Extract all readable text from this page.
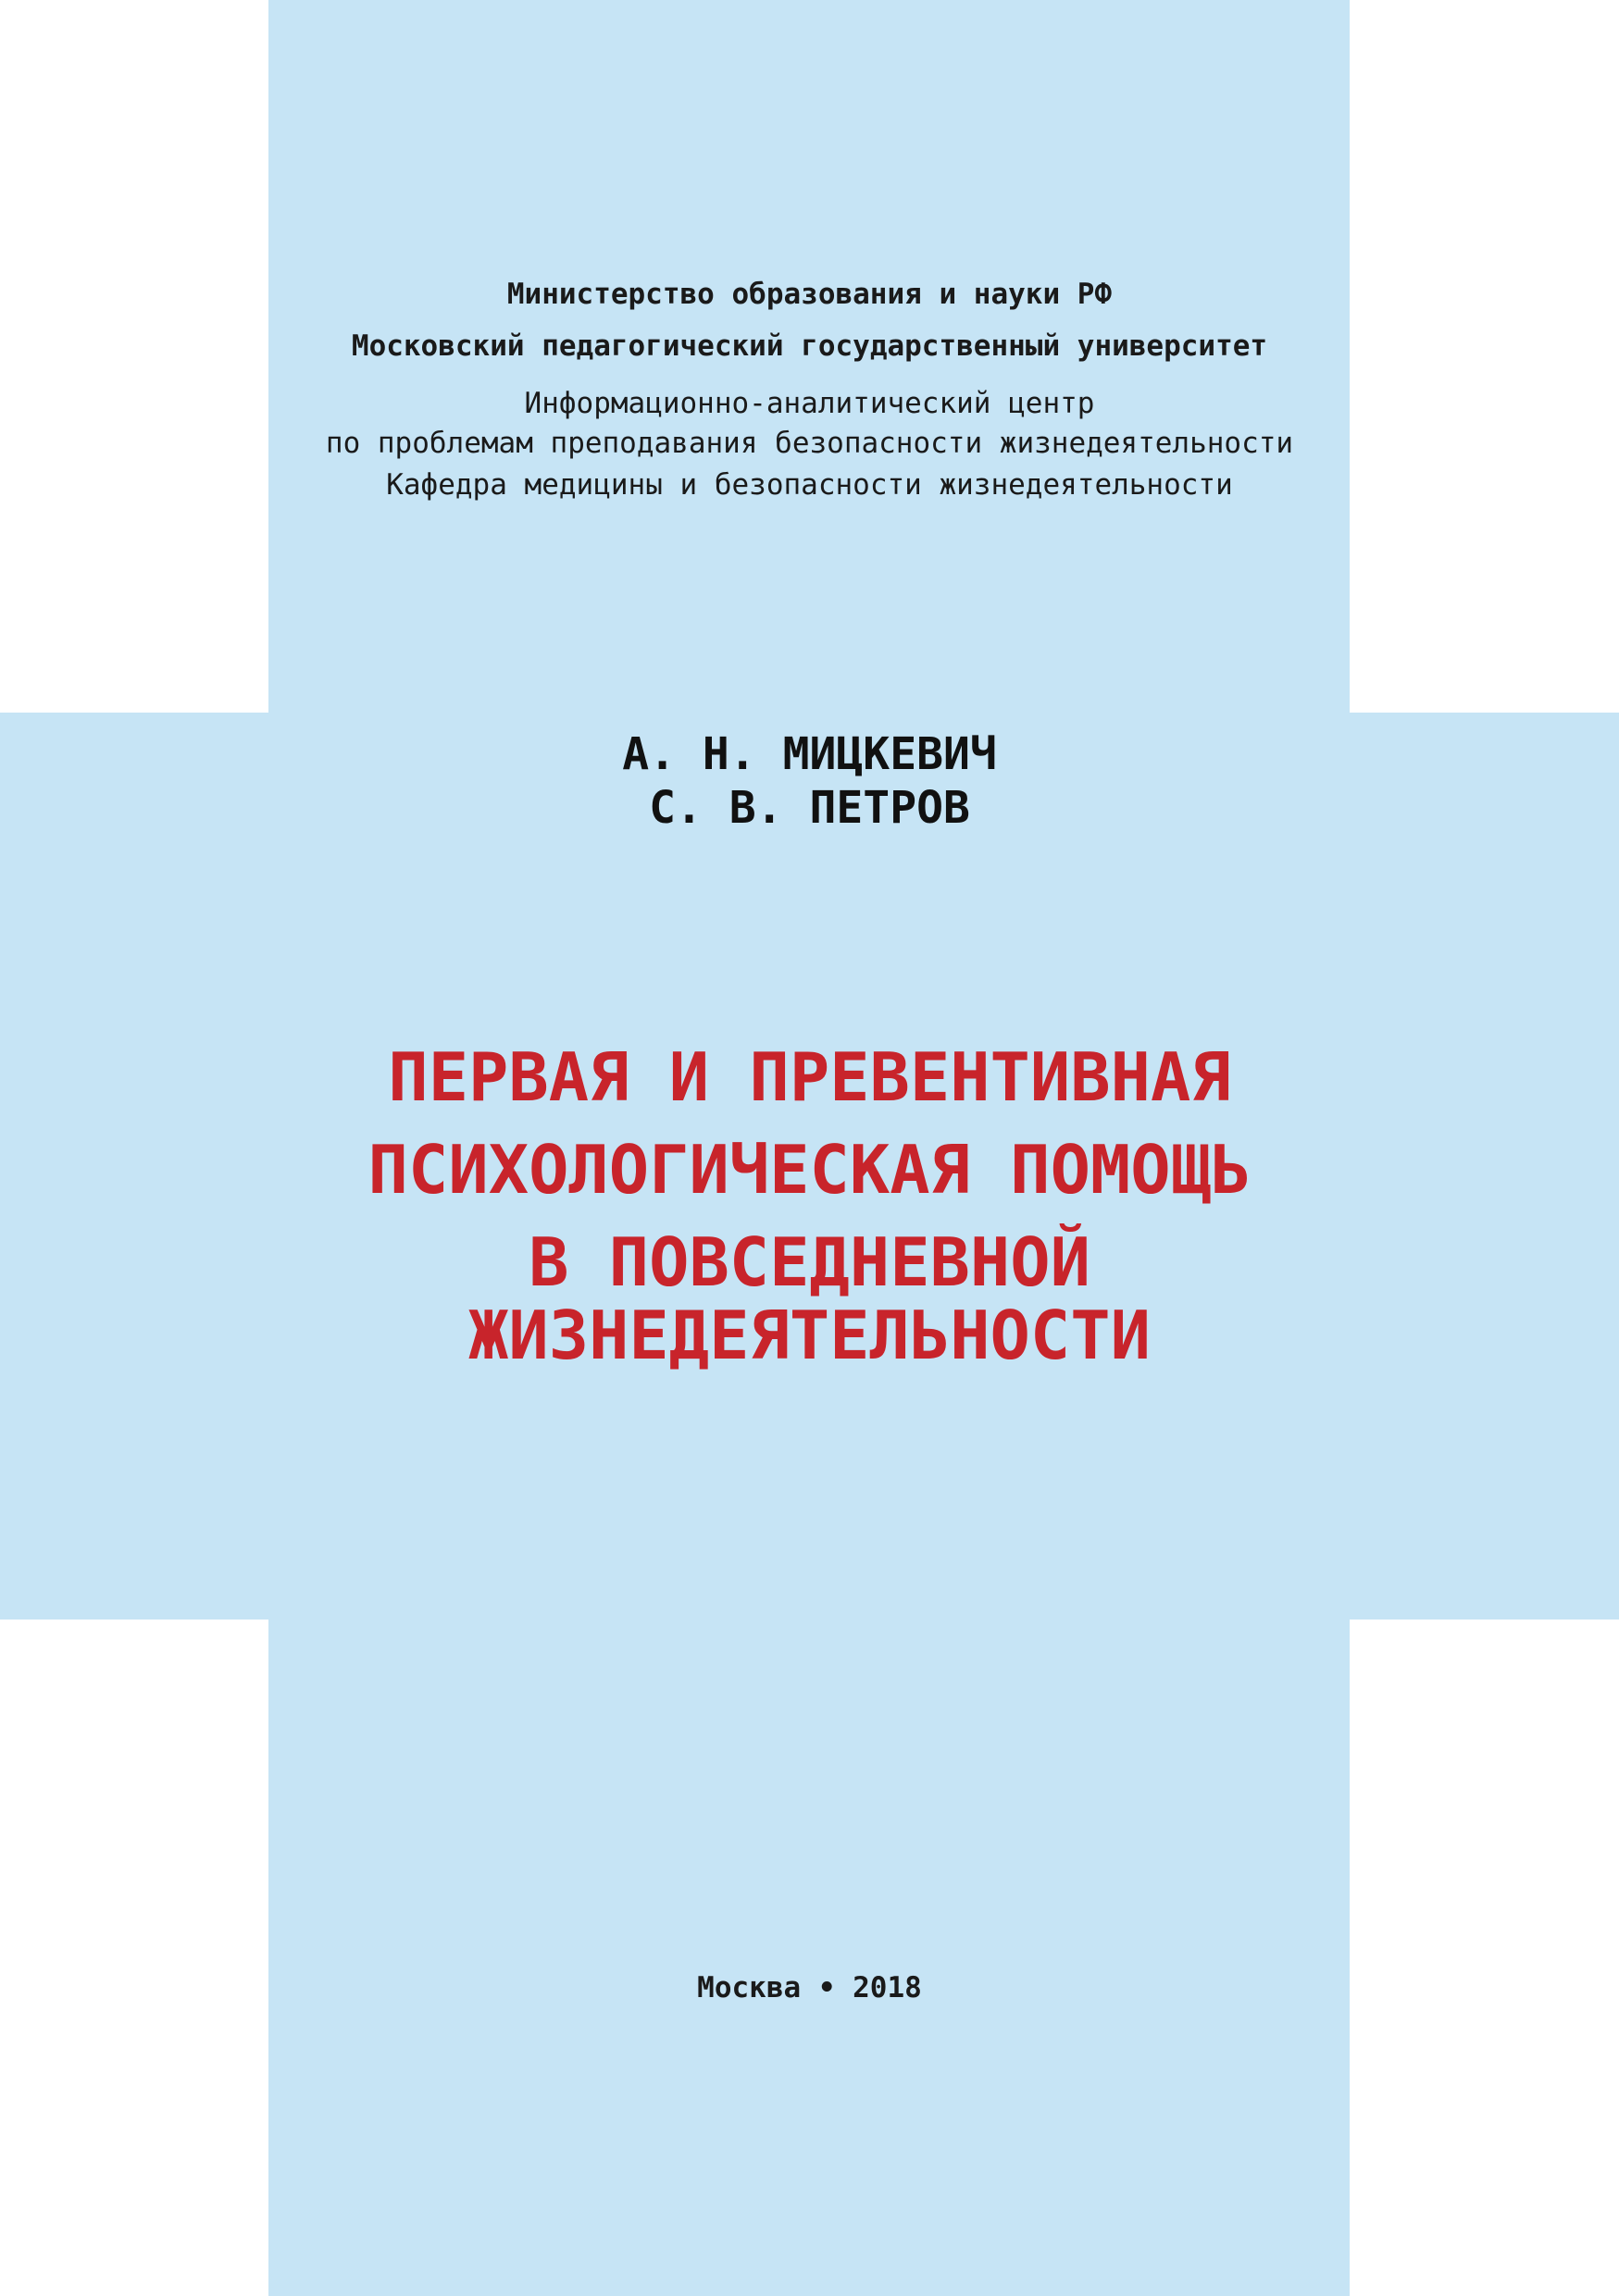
Министерство образования и науки РФ
Московский педагогический государственный университет
Информационно-аналитический центр
по проблемам преподавания безопасности жизнедеятельности
Кафедра медицины и безопасности жизнедеятельности
А. Н. МИЦКЕВИЧ
С. В. ПЕТРОВ
ПЕРВАЯ И ПРЕВЕНТИВНАЯ
ПСИХОЛОГИЧЕСКАЯ ПОМОЩЬ
В ПОВСЕДНЕВНОЙ
ЖИЗНЕДЕЯТЕЛЬНОСТИ
Москва • 2018
